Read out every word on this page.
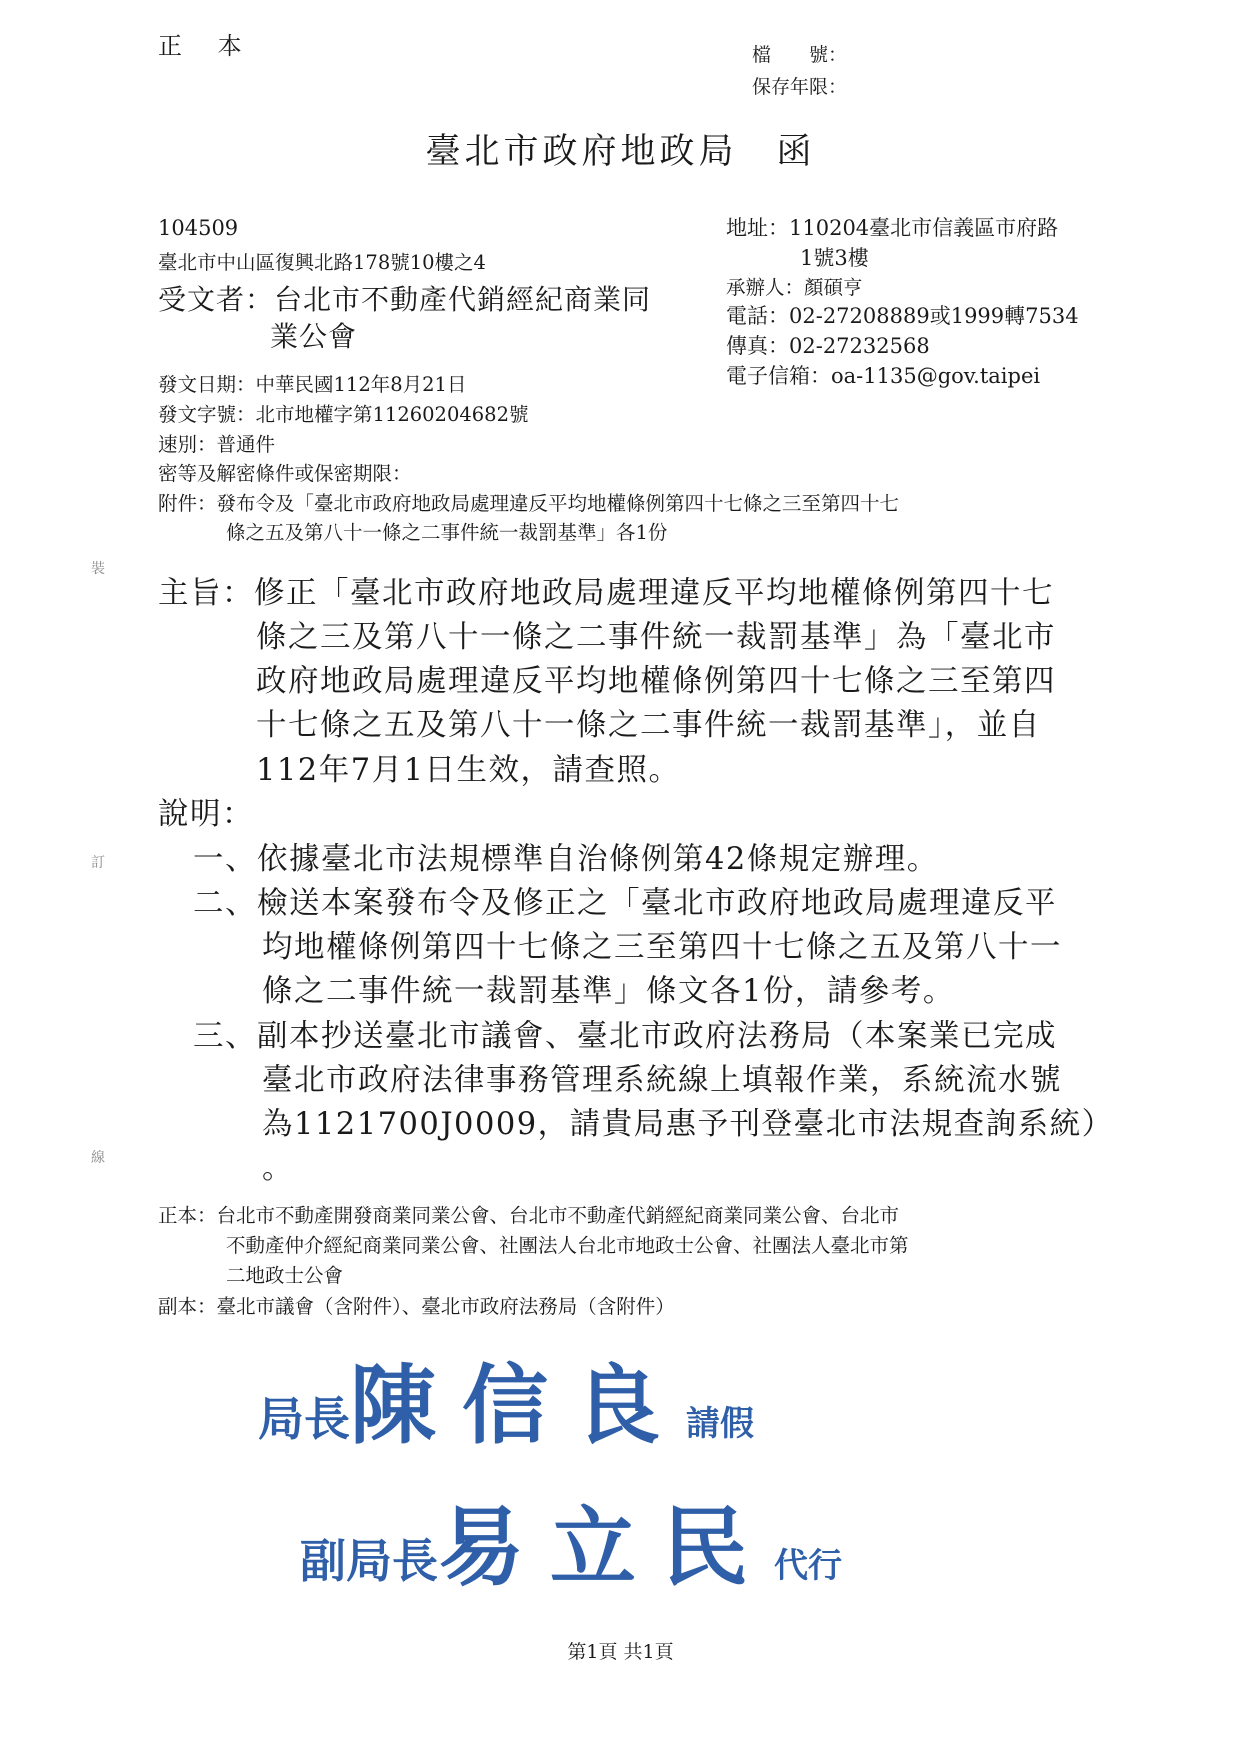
正 本	檔　　號：
保存年限：
臺北市政府地政局　函
104509
臺北市中山區復興北路178號10樓之4
受文者：台北市不動產代銷經紀商業同
業公會
地址：110204臺北市信義區市府路
1號3樓
承辦人：顏碩亨
電話：02-27208889或1999轉7534
傳真：02-27232568
電子信箱：oa-1135@gov.taipei
發文日期：中華民國112年8月21日
發文字號：北市地權字第11260204682號
速別：普通件
密等及解密條件或保密期限：
附件：發布令及「臺北市政府地政局處理違反平均地權條例第四十七條之三至第四十七
條之五及第八十一條之二事件統一裁罰基準」各1份
裝
訂
線
主旨：修正「臺北市政府地政局處理違反平均地權條例第四十七
條之三及第八十一條之二事件統一裁罰基準」為「臺北市
政府地政局處理違反平均地權條例第四十七條之三至第四
十七條之五及第八十一條之二事件統一裁罰基準」，並自
112年7月1日生效，請查照。
說明：
一、依據臺北市法規標準自治條例第42條規定辦理。
二、檢送本案發布令及修正之「臺北市政府地政局處理違反平
均地權條例第四十七條之三至第四十七條之五及第八十一
條之二事件統一裁罰基準」條文各1份，請參考。
三、副本抄送臺北市議會、臺北市政府法務局（本案業已完成
臺北市政府法律事務管理系統線上填報作業，系統流水號
為1121700J0009，請貴局惠予刊登臺北市法規查詢系統）
。
正本：台北市不動產開發商業同業公會、台北市不動產代銷經紀商業同業公會、台北市
不動產仲介經紀商業同業公會、社團法人台北市地政士公會、社團法人臺北市第
二地政士公會
副本：臺北市議會（含附件）、臺北市政府法務局（含附件）
局長陳信良請假
副局長易立民代行
第1頁 共1頁
